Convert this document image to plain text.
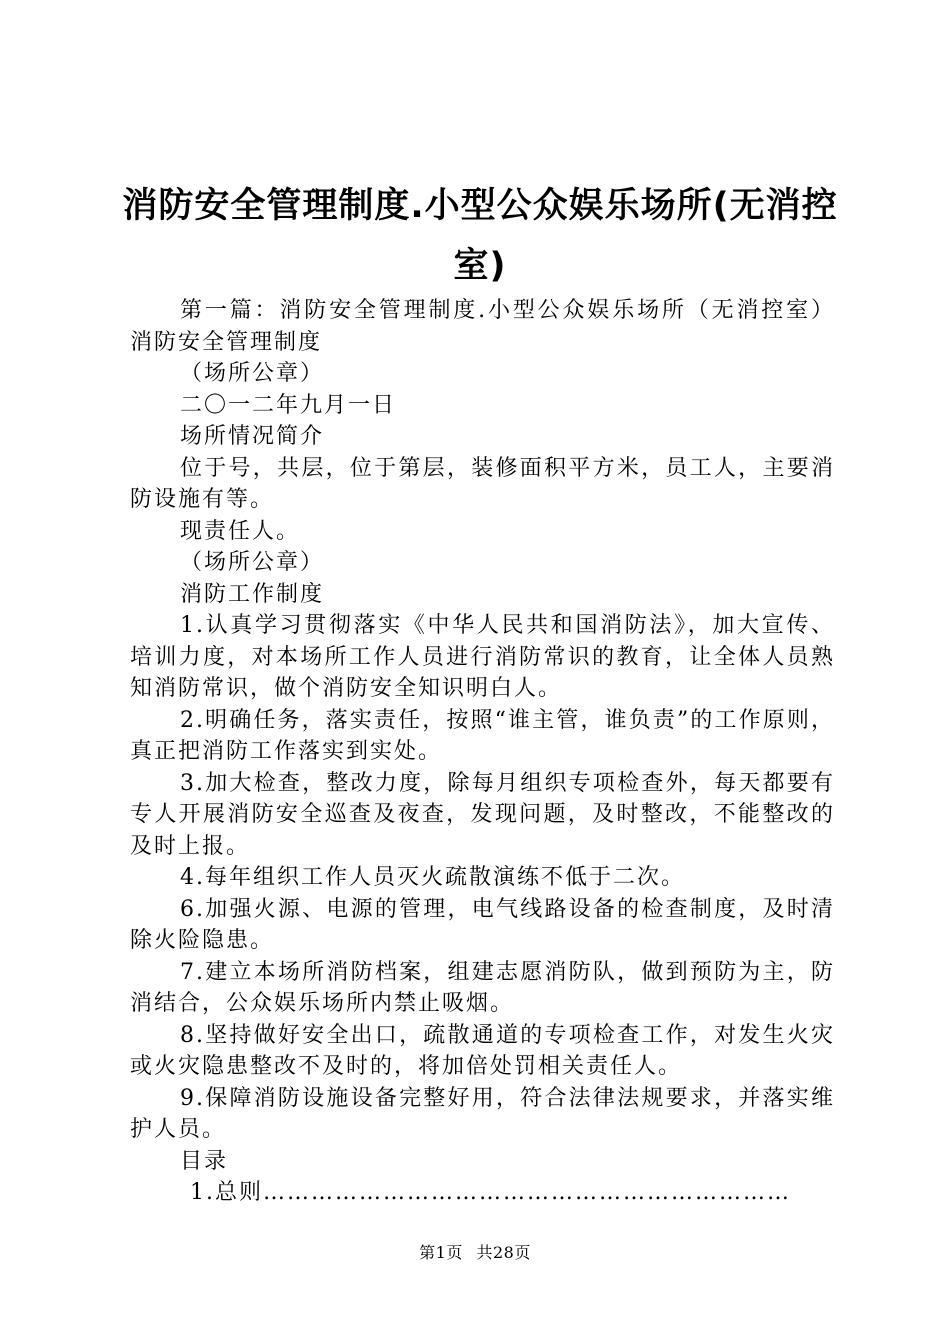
消防安全管理制度.小型公众娱乐场所(无消控室)

第一篇：消防安全管理制度.小型公众娱乐场所（无消控室）消防安全管理制度

（场所公章）

二〇一二年九月一日

场所情况简介

位于号，共层，位于第层，装修面积平方米，员工人，主要消防设施有等。

现责任人。

（场所公章）

消防工作制度

1.认真学习贯彻落实《中华人民共和国消防法》，加大宣传、培训力度，对本场所工作人员进行消防常识的教育，让全体人员熟知消防常识，做个消防安全知识明白人。

2.明确任务，落实责任，按照“谁主管，谁负责”的工作原则，真正把消防工作落实到实处。

3.加大检查，整改力度，除每月组织专项检查外，每天都要有专人开展消防安全巡查及夜查，发现问题，及时整改，不能整改的及时上报。

4.每年组织工作人员灭火疏散演练不低于二次。

6.加强火源、电源的管理，电气线路设备的检查制度，及时清除火险隐患。

7.建立本场所消防档案，组建志愿消防队，做到预防为主，防消结合，公众娱乐场所内禁止吸烟。

8.坚持做好安全出口，疏散通道的专项检查工作，对发生火灾或火灾隐患整改不及时的，将加倍处罚相关责任人。

9.保障消防设施设备完整好用，符合法律法规要求，并落实维护人员。

目录

1.总则…………………………………………………………

第1页 共28页
